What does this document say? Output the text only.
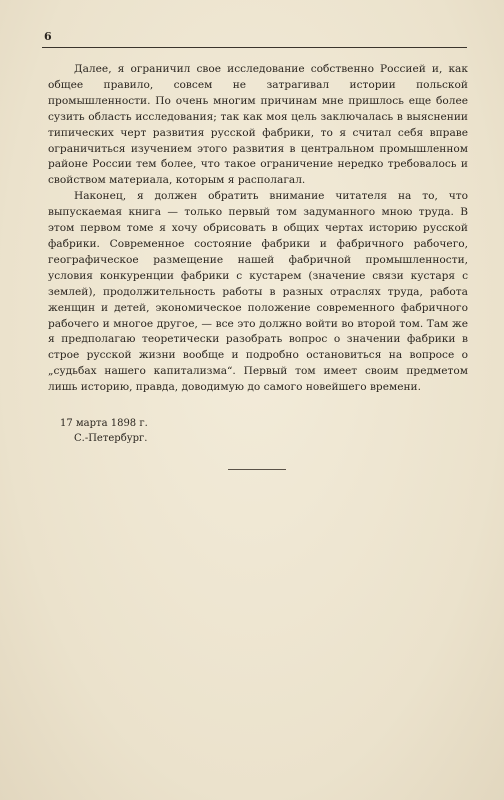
6

Далее, я ограничил свое исследование собственно Россией и, как общее правило, совсем не затрагивал истории польской промышленности. По очень многим причинам мне пришлось еще более сузить область исследования; так как моя цель заключалась в выяснении типических черт развития русской фабрики, то я считал себя вправе ограничиться изучением этого развития в центральном промышленном районе России тем более, что такое ограничение нередко требовалось и свойством материала, которым я располагал.

Наконец, я должен обратить внимание читателя на то, что выпускаемая книга — только первый том задуманного мною труда. В этом первом томе я хочу обрисовать в общих чертах историю русской фабрики. Современное состояние фабрики и фабричного рабочего, географическое размещение нашей фабричной промышленности, условия конкуренции фабрики с кустарем (значение связи кустаря с землей), продолжительность работы в разных отраслях труда, работа женщин и детей, экономическое положение современного фабричного рабочего и многое другое, — все это должно войти во второй том. Там же я предполагаю теоретически разобрать вопрос о значении фабрики в строе русской жизни вообще и подробно остановиться на вопросе о „судьбах нашего капитализма“. Первый том имеет своим предметом лишь историю, правда, доводимую до самого новейшего времени.

17 марта 1898 г.
С.-Петербург.
